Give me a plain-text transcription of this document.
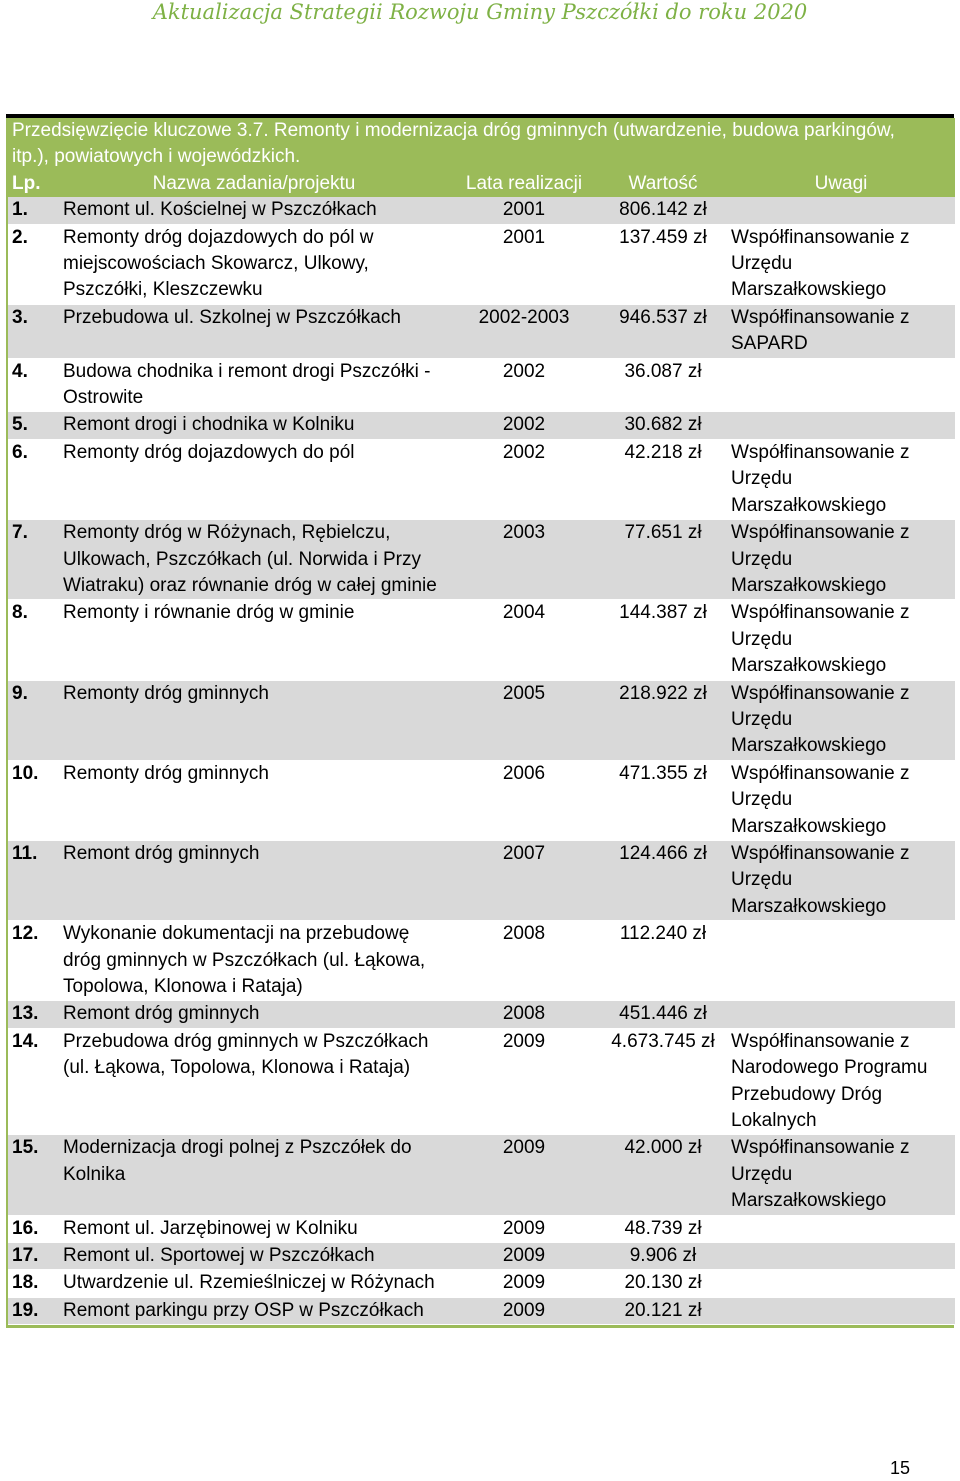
Aktualizacja Strategii Rozwoju Gminy Pszczółki do roku 2020
Przedsięwzięcie kluczowe 3.7. Remonty i modernizacja dróg gminnych (utwardzenie, budowa parkingów,
itp.), powiatowych i wojewódzkich.				

Lp.	Nazwa zadania/projektu	Lata realizacji	Wartość	Uwagi
1.	Remont ul. Kościelnej w Pszczółkach	2001	806.142 zł	
2.	Remonty dróg dojazdowych do pól w miejscowościach Skowarcz, Ulkowy, Pszczółki, Kleszczewku	2001	137.459 zł	Współfinansowanie z Urzędu Marszałkowskiego
3.	Przebudowa ul. Szkolnej w Pszczółkach	2002-2003	946.537 zł	Współfinansowanie z SAPARD
4.	Budowa chodnika i remont drogi Pszczółki - Ostrowite	2002	36.087 zł	
5.	Remont drogi i chodnika w Kolniku	2002	30.682 zł	
6.	Remonty dróg dojazdowych do pól	2002	42.218 zł	Współfinansowanie z Urzędu Marszałkowskiego
7.	Remonty dróg w Różynach, Rębielczu, Ulkowach, Pszczółkach (ul. Norwida i Przy Wiatraku) oraz równanie dróg w całej gminie	2003	77.651 zł	Współfinansowanie z Urzędu Marszałkowskiego
8.	Remonty i równanie dróg w gminie	2004	144.387 zł	Współfinansowanie z Urzędu Marszałkowskiego
9.	Remonty dróg gminnych	2005	218.922 zł	Współfinansowanie z Urzędu Marszałkowskiego
10.	Remonty dróg gminnych	2006	471.355 zł	Współfinansowanie z Urzędu Marszałkowskiego
11.	Remont dróg gminnych	2007	124.466 zł	Współfinansowanie z Urzędu Marszałkowskiego
12.	Wykonanie dokumentacji na przebudowę dróg gminnych w Pszczółkach (ul. Łąkowa, Topolowa, Klonowa i Rataja)	2008	112.240 zł	
13.	Remont dróg gminnych	2008	451.446 zł	
14.	Przebudowa dróg gminnych w Pszczółkach (ul. Łąkowa, Topolowa, Klonowa i Rataja)	2009	4.673.745 zł	Współfinansowanie z Narodowego Programu Przebudowy Dróg Lokalnych
15.	Modernizacja drogi polnej z Pszczółek do Kolnika	2009	42.000 zł	Współfinansowanie z Urzędu Marszałkowskiego
16.	Remont ul. Jarzębinowej w Kolniku	2009	48.739 zł	
17.	Remont ul. Sportowej w Pszczółkach	2009	9.906 zł	
18.	Utwardzenie ul. Rzemieślniczej w Różynach	2009	20.130 zł	
19.	Remont parkingu przy OSP w Pszczółkach	2009	20.121 zł	
15
